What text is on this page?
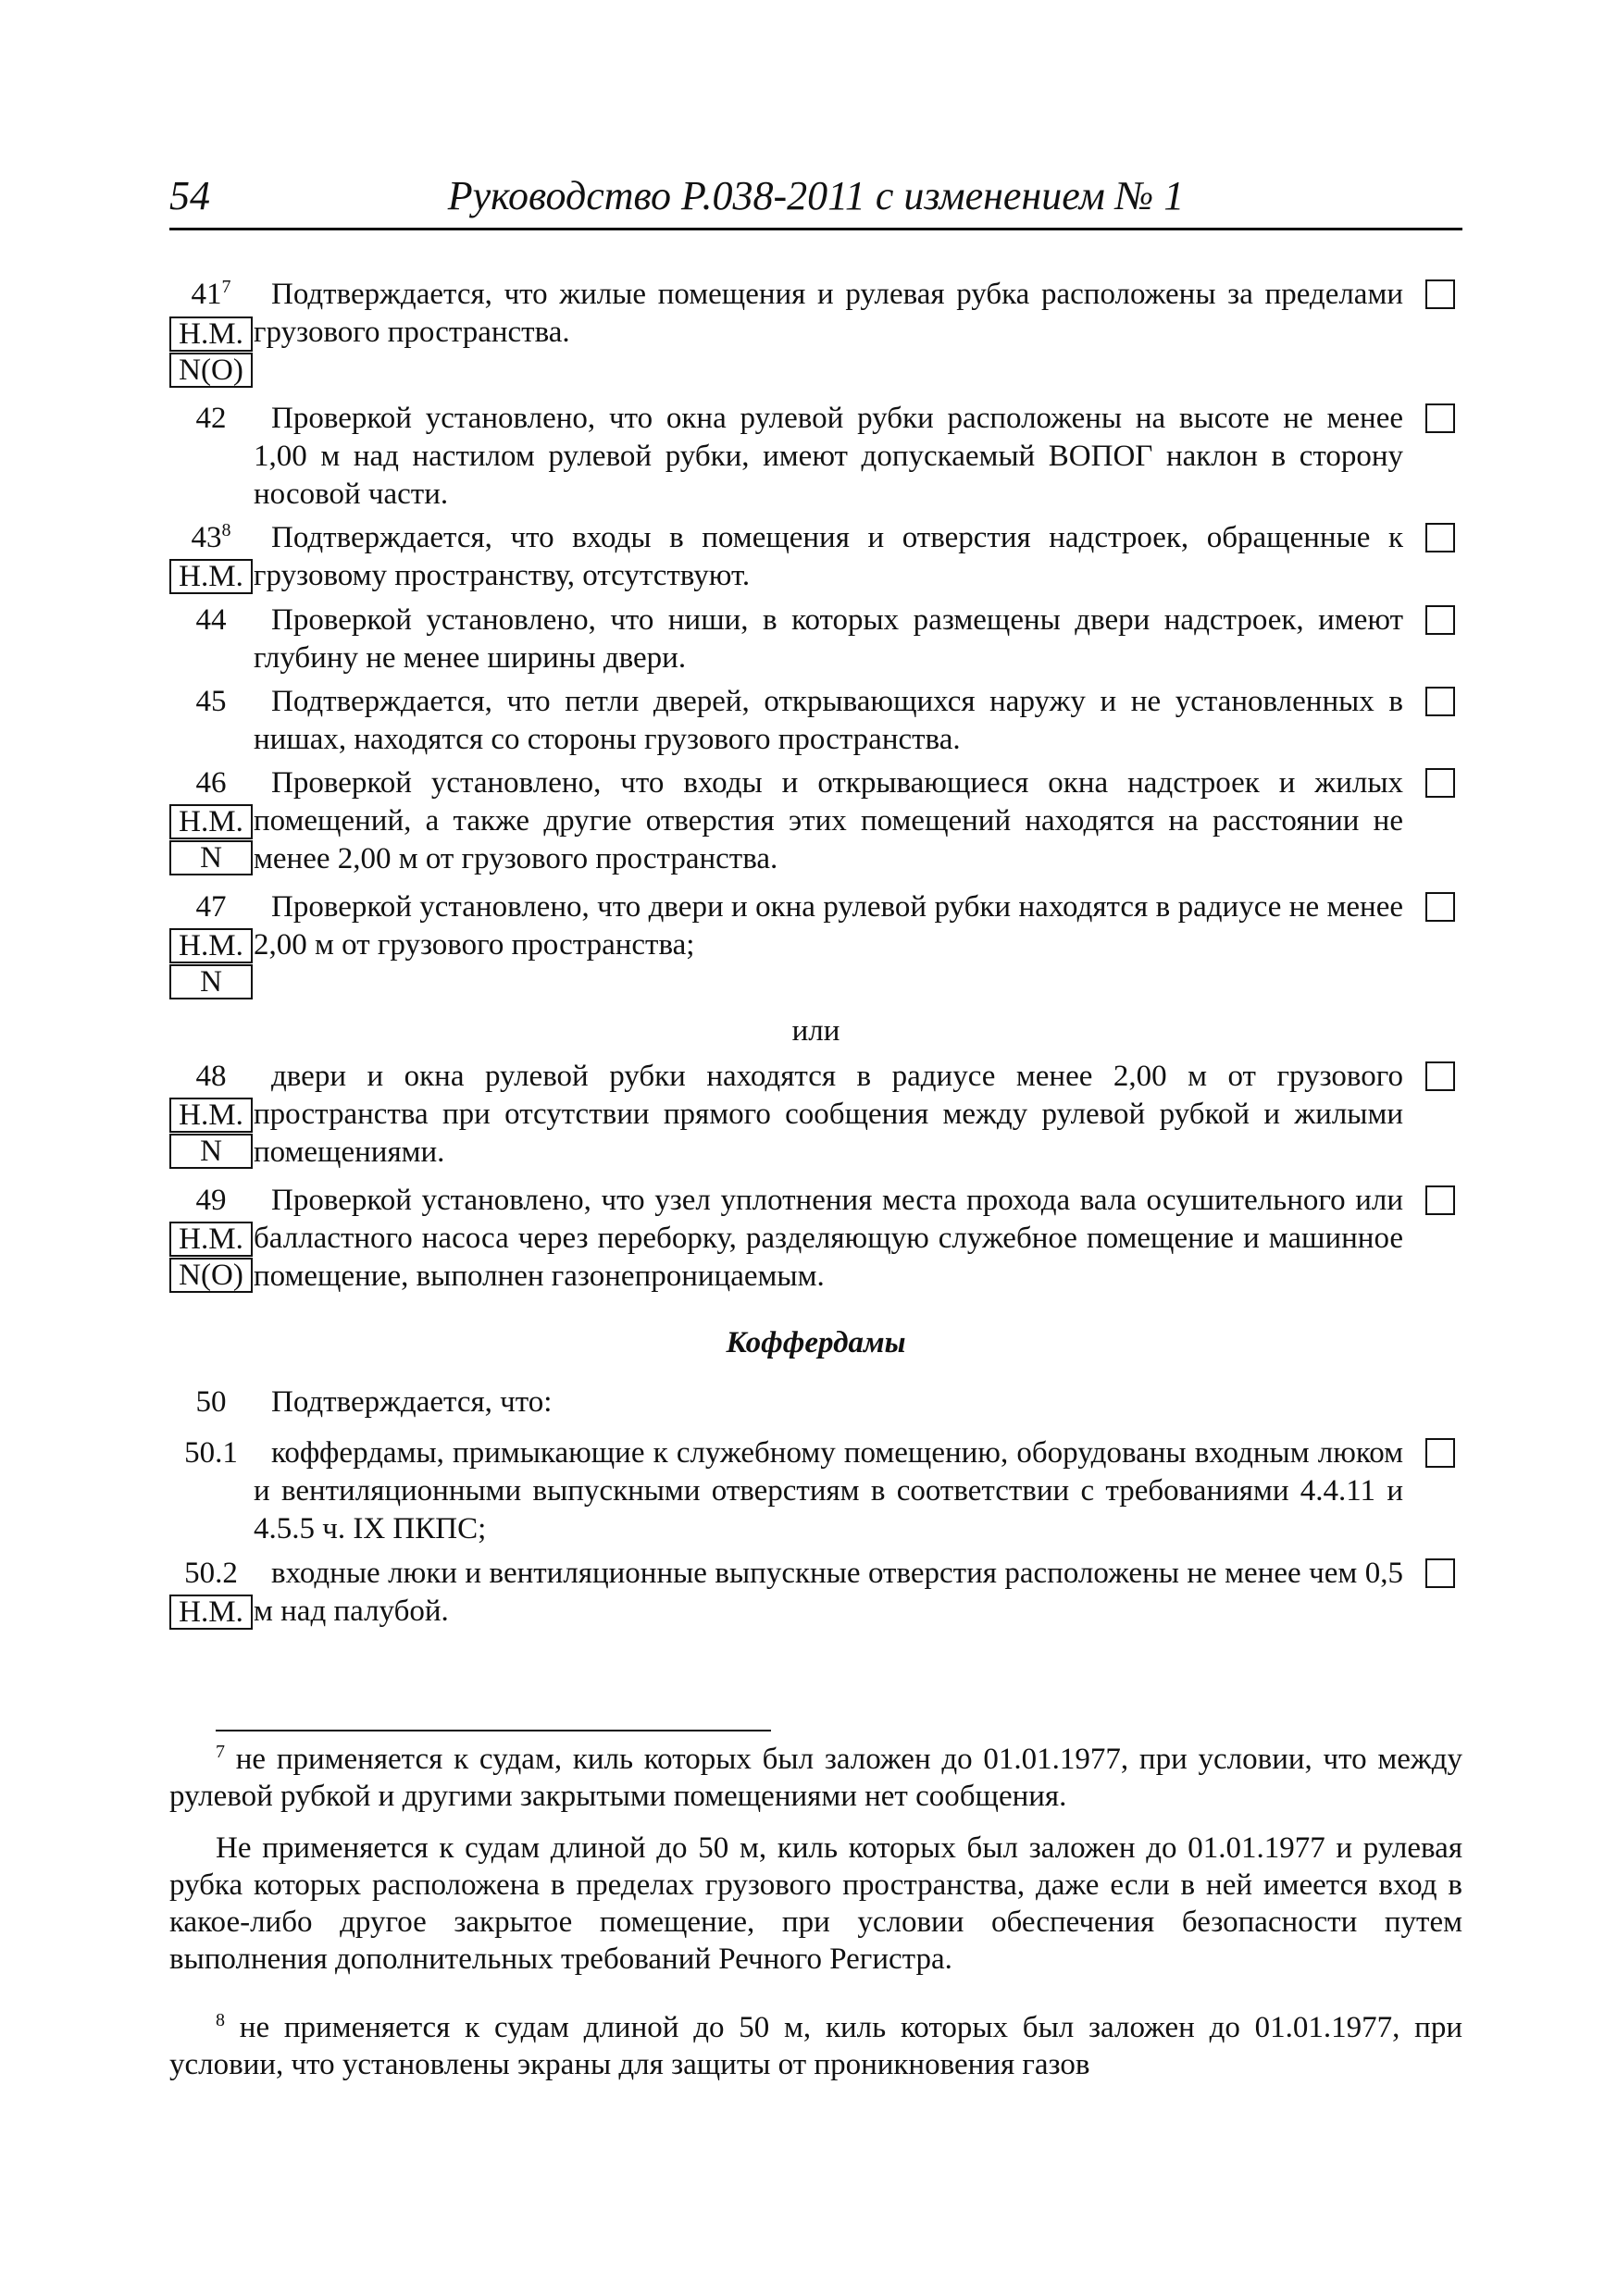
54	Руководство Р.038-2011 с изменением № 1
$41^7$	Подтверждается, что жилые помещения и рулевая рубка расположены за пределами грузового пространства.
Н.М.
N(O)
42	Проверкой установлено, что окна рулевой рубки расположены на высоте не менее 1,00 м над настилом рулевой рубки, имеют допускаемый ВОПОГ наклон в сторону носовой части.
$43^8$	Подтверждается, что входы в помещения и отверстия надстроек, обращенные к грузовому пространству, отсутствуют.
Н.М.
44	Проверкой установлено, что ниши, в которых размещены двери надстроек, имеют глубину не менее ширины двери.
45	Подтверждается, что петли дверей, открывающихся наружу и не установленных в нишах, находятся со стороны грузового пространства.
46	Проверкой установлено, что входы и открывающиеся окна надстроек и жилых помещений, а также другие отверстия этих помещений находятся на расстоянии не менее 2,00 м от грузового пространства.
Н.М.
N
47	Проверкой установлено, что двери и окна рулевой рубки находятся в радиусе не менее 2,00 м от грузового пространства;
Н.М.
N
или
48	двери и окна рулевой рубки находятся в радиусе менее 2,00 м от грузового пространства при отсутствии прямого сообщения между рулевой рубкой и жилыми помещениями.
Н.М.
N
49	Проверкой установлено, что узел уплотнения места прохода вала осушительного или балластного насоса через переборку, разделяющую служебное помещение и машинное помещение, выполнен газонепроницаемым.
Н.М.
N(O)
Коффердамы
50	Подтверждается, что:
50.1	коффердамы, примыкающие к служебному помещению, оборудованы входным люком и вентиляционными выпускными отверстиям в соответствии с требованиями 4.4.11 и 4.5.5 ч. IX ПКПС;
50.2	входные люки и вентиляционные выпускные отверстия расположены не менее чем 0,5 м над палубой.
Н.М.
$^7$ не применяется к судам, киль которых был заложен до 01.01.1977, при условии, что между рулевой рубкой и другими закрытыми помещениями нет сообщения.
Не применяется к судам длиной до 50 м, киль которых был заложен до 01.01.1977 и рулевая рубка которых расположена в пределах грузового пространства, даже если в ней имеется вход в какое-либо другое закрытое помещение, при условии обеспечения безопасности путем выполнения дополнительных требований Речного Регистра.
$^8$ не применяется к судам длиной до 50 м, киль которых был заложен до 01.01.1977, при условии, что установлены экраны для защиты от проникновения газов
